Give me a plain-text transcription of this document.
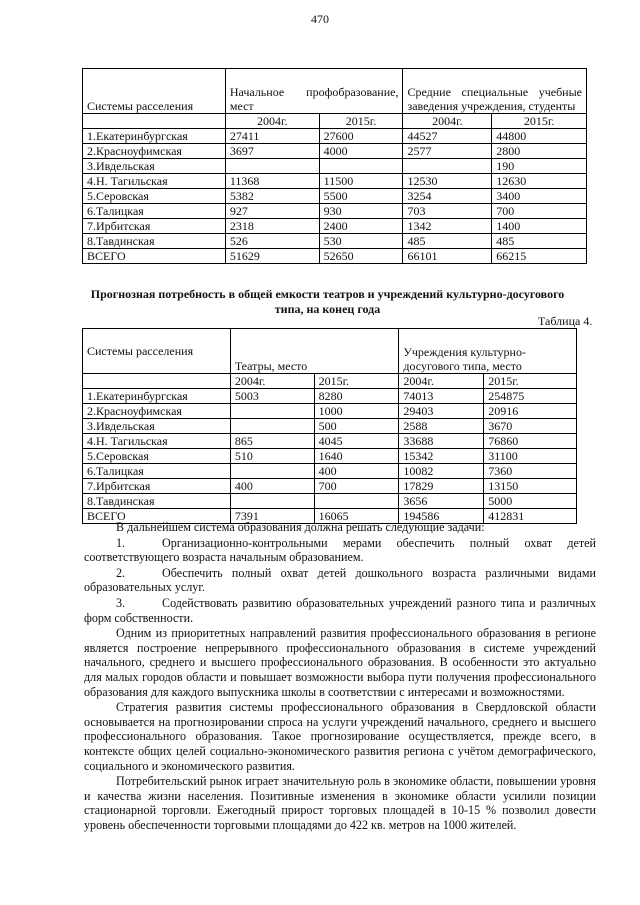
470
Системы расселения	Начальное профобразование, мест		Средние специальные учебные заведения учреждения, студенты	
	2004г.	2015г.	2004г.	2015г.
1.Екатеринбургская	27411	27600	44527	44800
2.Красноуфимская	3697	4000	2577	2800
3.Ивдельская				190
4.Н. Тагильская	11368	11500	12530	12630
5.Серовская	5382	5500	3254	3400
6.Талицкая	927	930	703	700
7.Ирбитская	2318	2400	1342	1400
8.Тавдинская	526	530	485	485
ВСЕГО	51629	52650	66101	66215
Прогнозная потребность в общей емкости театров и учреждений культурно-досугового
типа, на конец года
Таблица 4.
Системы расселения	Театры, место		Учреждения культурно-досугового типа, место	
	2004г.	2015г.	2004г.	2015г.
1.Екатеринбургская	5003	8280	74013	254875
2.Красноуфимская		1000	29403	20916
3.Ивдельская		500	2588	3670
4.Н. Тагильская	865	4045	33688	76860
5.Серовская	510	1640	15342	31100
6.Талицкая		400	10082	7360
7.Ирбитская	400	700	17829	13150
8.Тавдинская			3656	5000
ВСЕГО	7391	16065	194586	412831

В дальнейшем система образования должна решать следующие задачи:

1.	Организационно-контрольными мерами обеспечить полный охват детей соответствующего возраста начальным образованием.

2.	Обеспечить полный охват детей дошкольного возраста различными видами образовательных услуг.

3.	Содействовать развитию образовательных учреждений разного типа и различных форм собственности.

Одним из приоритетных направлений развития профессионального образования в регионе является построение непрерывного профессионального образования в системе учреждений начального, среднего и высшего профессионального образования. В особенности это актуально для малых городов области и повышает возможности выбора пути получения профессионального образования для каждого выпускника школы в соответствии с интересами и возможностями.

Стратегия развития системы профессионального образования в Свердловской области основывается на прогнозировании спроса на услуги учреждений начального, среднего и высшего профессионального образования. Такое прогнозирование осуществляется, прежде всего, в контексте общих целей социально-экономического развития региона с учётом демографического, социального и экономического развития.

Потребительский рынок играет значительную роль в экономике области, повышении уровня и качества жизни населения. Позитивные изменения в экономике области усилили позиции стационарной торговли. Ежегодный прирост торговых площадей в 10-15 % позволил довести уровень обеспеченности торговыми площадями до 422 кв. метров на 1000 жителей.
